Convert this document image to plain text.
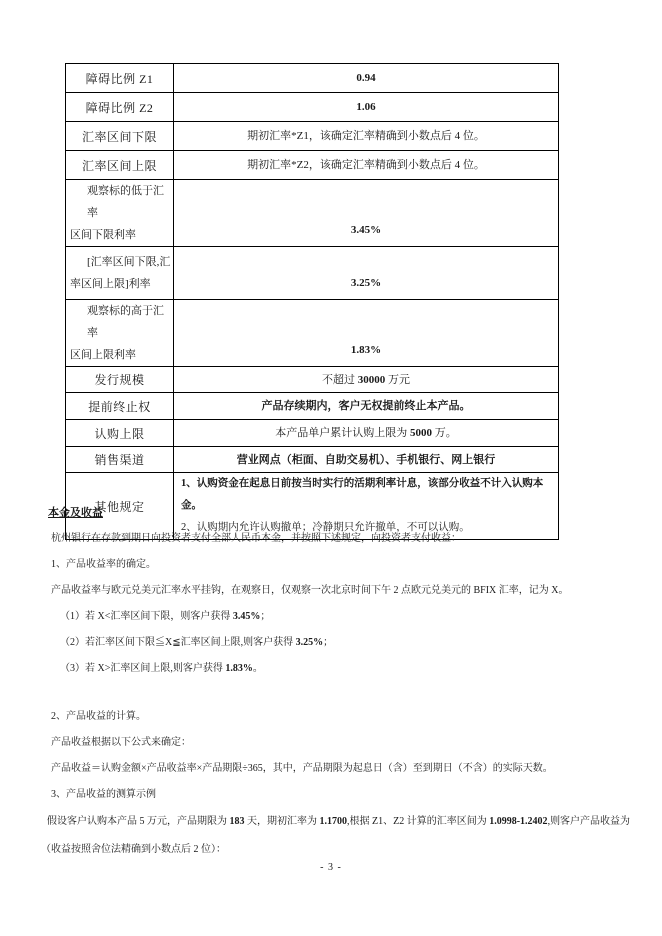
障碍比例 Z1	0.94

障碍比例 Z2	1.06

汇率区间下限	期初汇率*Z1，该确定汇率精确到小数点后 4 位。

汇率区间上限	期初汇率*Z2，该确定汇率精确到小数点后 4 位。

观察标的低于汇率
区间下限利率	3.45%

[汇率区间下限,汇
率区间上限]利率	3.25%

观察标的高于汇率
区间上限利率	1.83%

发行规模	不超过 30000 万元

提前终止权	产品存续期内，客户无权提前终止本产品。

认购上限	本产品单户累计认购上限为 5000 万。

销售渠道	营业网点（柜面、自助交易机）、手机银行、网上银行

其他规定	1、认购资金在起息日前按当时实行的活期利率计息，该部分收益不计入认购本金。
2、认购期内允许认购撤单；冷静期只允许撤单，不可以认购。

本金及收益

杭州银行在存款到期日向投资者支付全部人民币本金，并按照下述规定，向投资者支付收益：

1、产品收益率的确定。

产品收益率与欧元兑美元汇率水平挂钩，在观察日，仅观察一次北京时间下午 2 点欧元兑美元的 BFIX 汇率，记为 X。

（1）若 X<汇率区间下限，则客户获得 3.45%；

（2）若汇率区间下限≦X≦汇率区间上限,则客户获得 3.25%；

（3）若 X>汇率区间上限,则客户获得 1.83%。

2、产品收益的计算。

产品收益根据以下公式来确定：

产品收益＝认购金额×产品收益率×产品期限÷365，其中，产品期限为起息日（含）至到期日（不含）的实际天数。

3、产品收益的测算示例

假设客户认购本产品 5 万元，产品期限为 183 天，期初汇率为 1.1700,根据 Z1、Z2 计算的汇率区间为 1.0998-1.2402,则客户产品收益为（收益按照舍位法精确到小数点后 2 位）：

- 3 -
